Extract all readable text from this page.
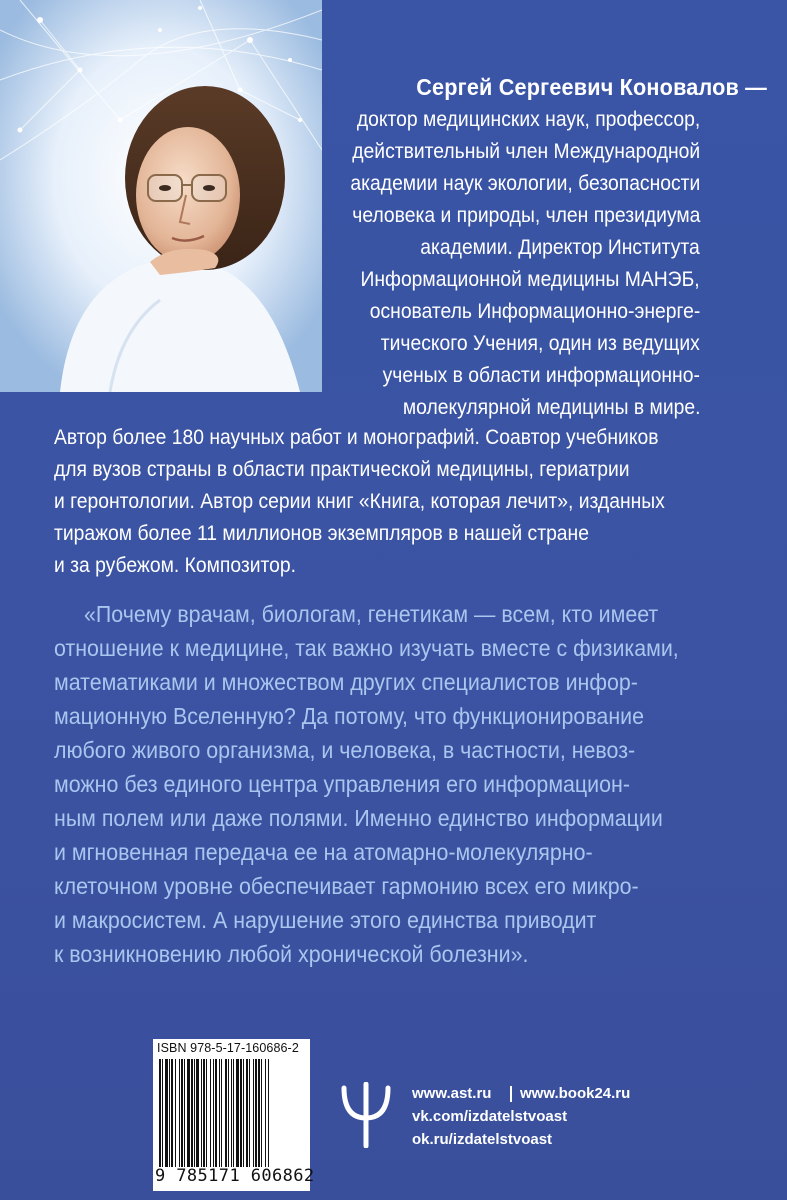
Сергей Сергеевич Коновалов —
доктор медицинских наук, профессор,
действительный член Международной
академии наук экологии, безопасности
человека и природы, член президиума
академии. Директор Института
Информационной медицины МАНЭБ,
основатель Информационно-энерге-
тического Учения, один из ведущих
ученых в области информационно-
молекулярной медицины в мире.
Автор более 180 научных работ и монографий. Соавтор учебников
для вузов страны в области практической медицины, гериатрии
и геронтологии. Автор серии книг «Книга, которая лечит», изданных
тиражом более 11 миллионов экземпляров в нашей стране
и за рубежом. Композитор.
«Почему врачам, биологам, генетикам — всем, кто имеет
отношение к медицине, так важно изучать вместе с физиками,
математиками и множеством других специалистов инфор-
мационную Вселенную? Да потому, что функционирование
любого живого организма, и человека, в частности, невоз-
можно без единого центра управления его информацион-
ным полем или даже полями. Именно единство информации
и мгновенная передача ее на атомарно-молекулярно-
клеточном уровне обеспечивает гармонию всех его микро-
и макросистем. А нарушение этого единства приводит
к возникновению любой хронической болезни».
ISBN 978-5-17-160686-2
9 785171 606862
www.ast.ru www.book24.ru
vk.com/izdatelstvoast
ok.ru/izdatelstvoast
